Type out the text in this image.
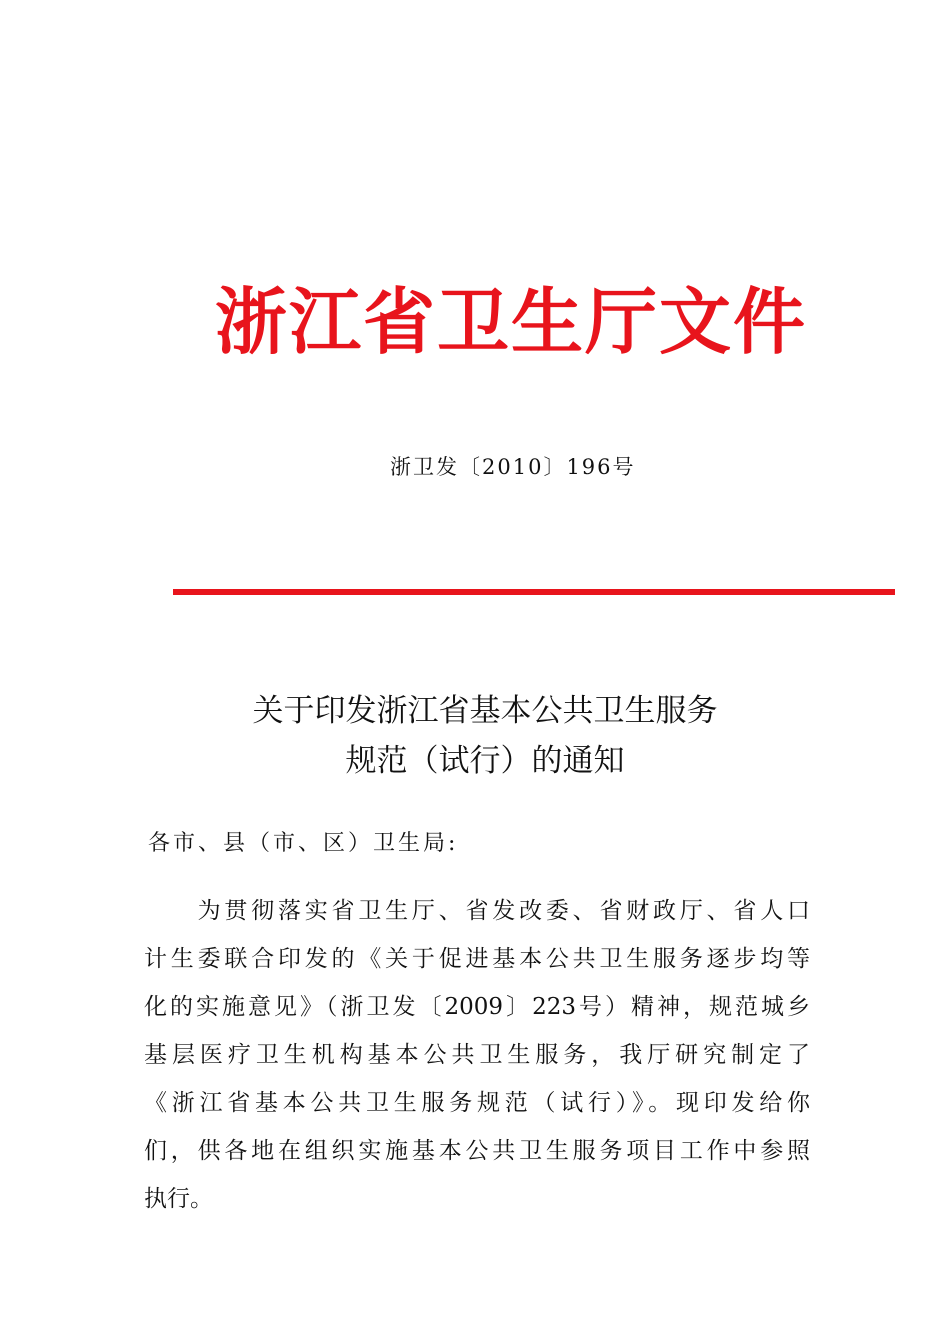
浙江省卫生厅文件
浙卫发〔2010〕196号
关于印发浙江省基本公共卫生服务
规范（试行）的通知
各市、县（市、区）卫生局:
　　为贯彻落实省卫生厅、省发改委、省财政厅、省人口
计生委联合印发的《关于促进基本公共卫生服务逐步均等
化的实施意见》（浙卫发〔2009〕223号）精神，规范城乡
基层医疗卫生机构基本公共卫生服务，我厅研究制定了
《浙江省基本公共卫生服务规范（试行）》。现印发给你
们，供各地在组织实施基本公共卫生服务项目工作中参照
执行。
